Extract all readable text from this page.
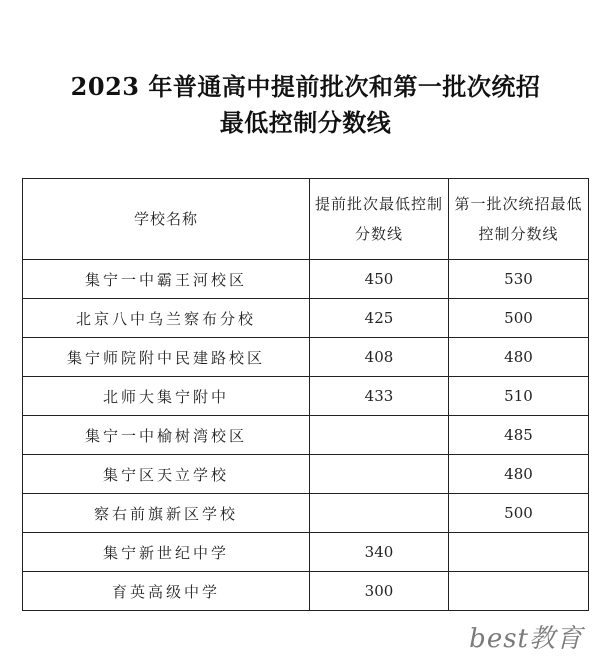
2023 年普通高中提前批次和第一批次统招
最低控制分数线
学校名称	提前批次最低控制分数线	第一批次统招最低控制分数线
集宁一中霸王河校区	450	530
北京八中乌兰察布分校	425	500
集宁师院附中民建路校区	408	480
北师大集宁附中	433	510
集宁一中榆树湾校区		485
集宁区天立学校		480
察右前旗新区学校		500
集宁新世纪中学	340	
育英高级中学	300	
best教育
